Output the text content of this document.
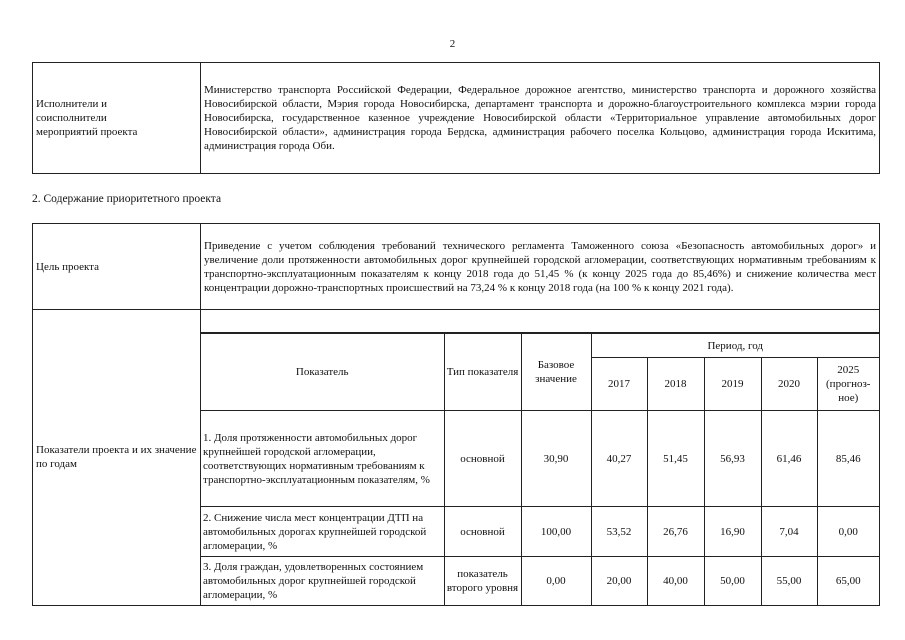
2
Исполнители и
соисполнители
мероприятий проекта	Министерство транспорта Российской Федерации, Федеральное дорожное агентство, министерство транспорта и дорожного хозяйства Новосибирской области, Мэрия города Новосибирска, департамент транспорта и дорожно-благоустроительного комплекса мэрии города Новосибирска, государственное казенное учреждение Новосибирской области «Территориальное управление автомобильных дорог Новосибирской области», администрация города Бердска, администрация рабочего поселка Кольцово, администрация города Искитима, администрация города Оби.
2. Содержание приоритетного проекта
Цель проекта	Приведение с учетом соблюдения требований технического регламента Таможенного союза «Безопасность автомобильных дорог» и увеличение доли протяженности автомобильных дорог крупнейшей городской агломерации, соответствующих нормативным требованиям к транспортно-эксплуатационным показателям к концу 2018 года до 51,45 % (к концу 2025 года до 85,46%) и снижение количества мест концентрации дорожно-транспортных происшествий на 73,24 % к концу 2018 года (на 100 % к концу 2021 года).
Показатели проекта и их значение по годам	
Показатель	Тип показателя	Базовое значение	Период, год
2017	2018	2019	2020	2025 (прогноз-ное)
1. Доля протяженности автомобильных дорог крупнейшей городской агломерации, соответствующих нормативным требованиям к транспортно-эксплуатационным показателям, %	основной	30,90	40,27	51,45	56,93	61,46	85,46
2. Снижение числа мест концентрации ДТП на автомобильных дорогах крупнейшей городской агломерации, %	основной	100,00	53,52	26,76	16,90	7,04	0,00
3. Доля граждан, удовлетворенных состоянием автомобильных дорог крупнейшей городской агломерации, %	показатель второго уровня	0,00	20,00	40,00	50,00	55,00	65,00
